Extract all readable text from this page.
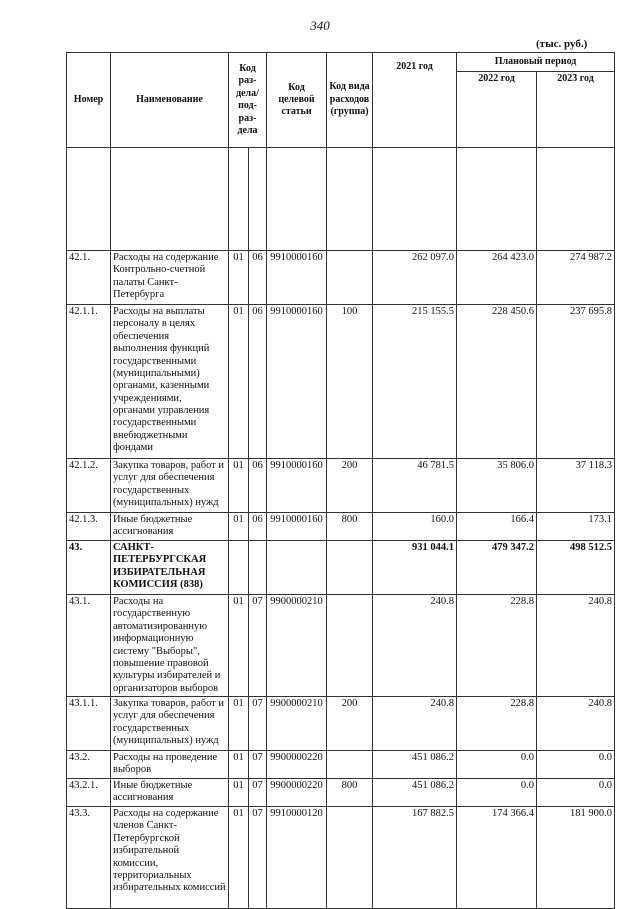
340
(тыс. руб.)
Номер	Наименование	Код раз-дела/ под-раз-дела		Код целевой статьи	Код вида расходов (группа)	2021 год	Плановый период	
							2022 год	2023 год

42.1.	Расходы на содержание Контрольно-счетной палаты Санкт-Петербурга	01	06	9910000160		262 097.0	264 423.0	274 987.2
42.1.1.	Расходы на выплаты персоналу в целях обеспечения выполнения функций государственными (муниципальными) органами, казенными учреждениями, органами управления государственными внебюджетными фондами	01	06	9910000160	100	215 155.5	228 450.6	237 695.8
42.1.2.	Закупка товаров, работ и услуг для обеспечения государственных (муниципальных) нужд	01	06	9910000160	200	46 781.5	35 806.0	37 118.3
42.1.3.	Иные бюджетные ассигнования	01	06	9910000160	800	160.0	166.4	173.1
43.	САНКТ-ПЕТЕРБУРГСКАЯ ИЗБИРАТЕЛЬНАЯ КОМИССИЯ (838)					931 044.1	479 347.2	498 512.5
43.1.	Расходы на государственную автоматизированную информационную систему "Выборы", повышение правовой культуры избирателей и организаторов выборов	01	07	9900000210		240.8	228.8	240.8
43.1.1.	Закупка товаров, работ и услуг для обеспечения государственных (муниципальных) нужд	01	07	9900000210	200	240.8	228.8	240.8
43.2.	Расходы на проведение выборов	01	07	9900000220		451 086.2	0.0	0.0
43.2.1.	Иные бюджетные ассигнования	01	07	9900000220	800	451 086.2	0.0	0.0
43.3.	Расходы на содержание членов Санкт-Петербургской избирательной комиссии, территориальных избирательных комиссий	01	07	9910000120		167 882.5	174 366.4	181 900.0
